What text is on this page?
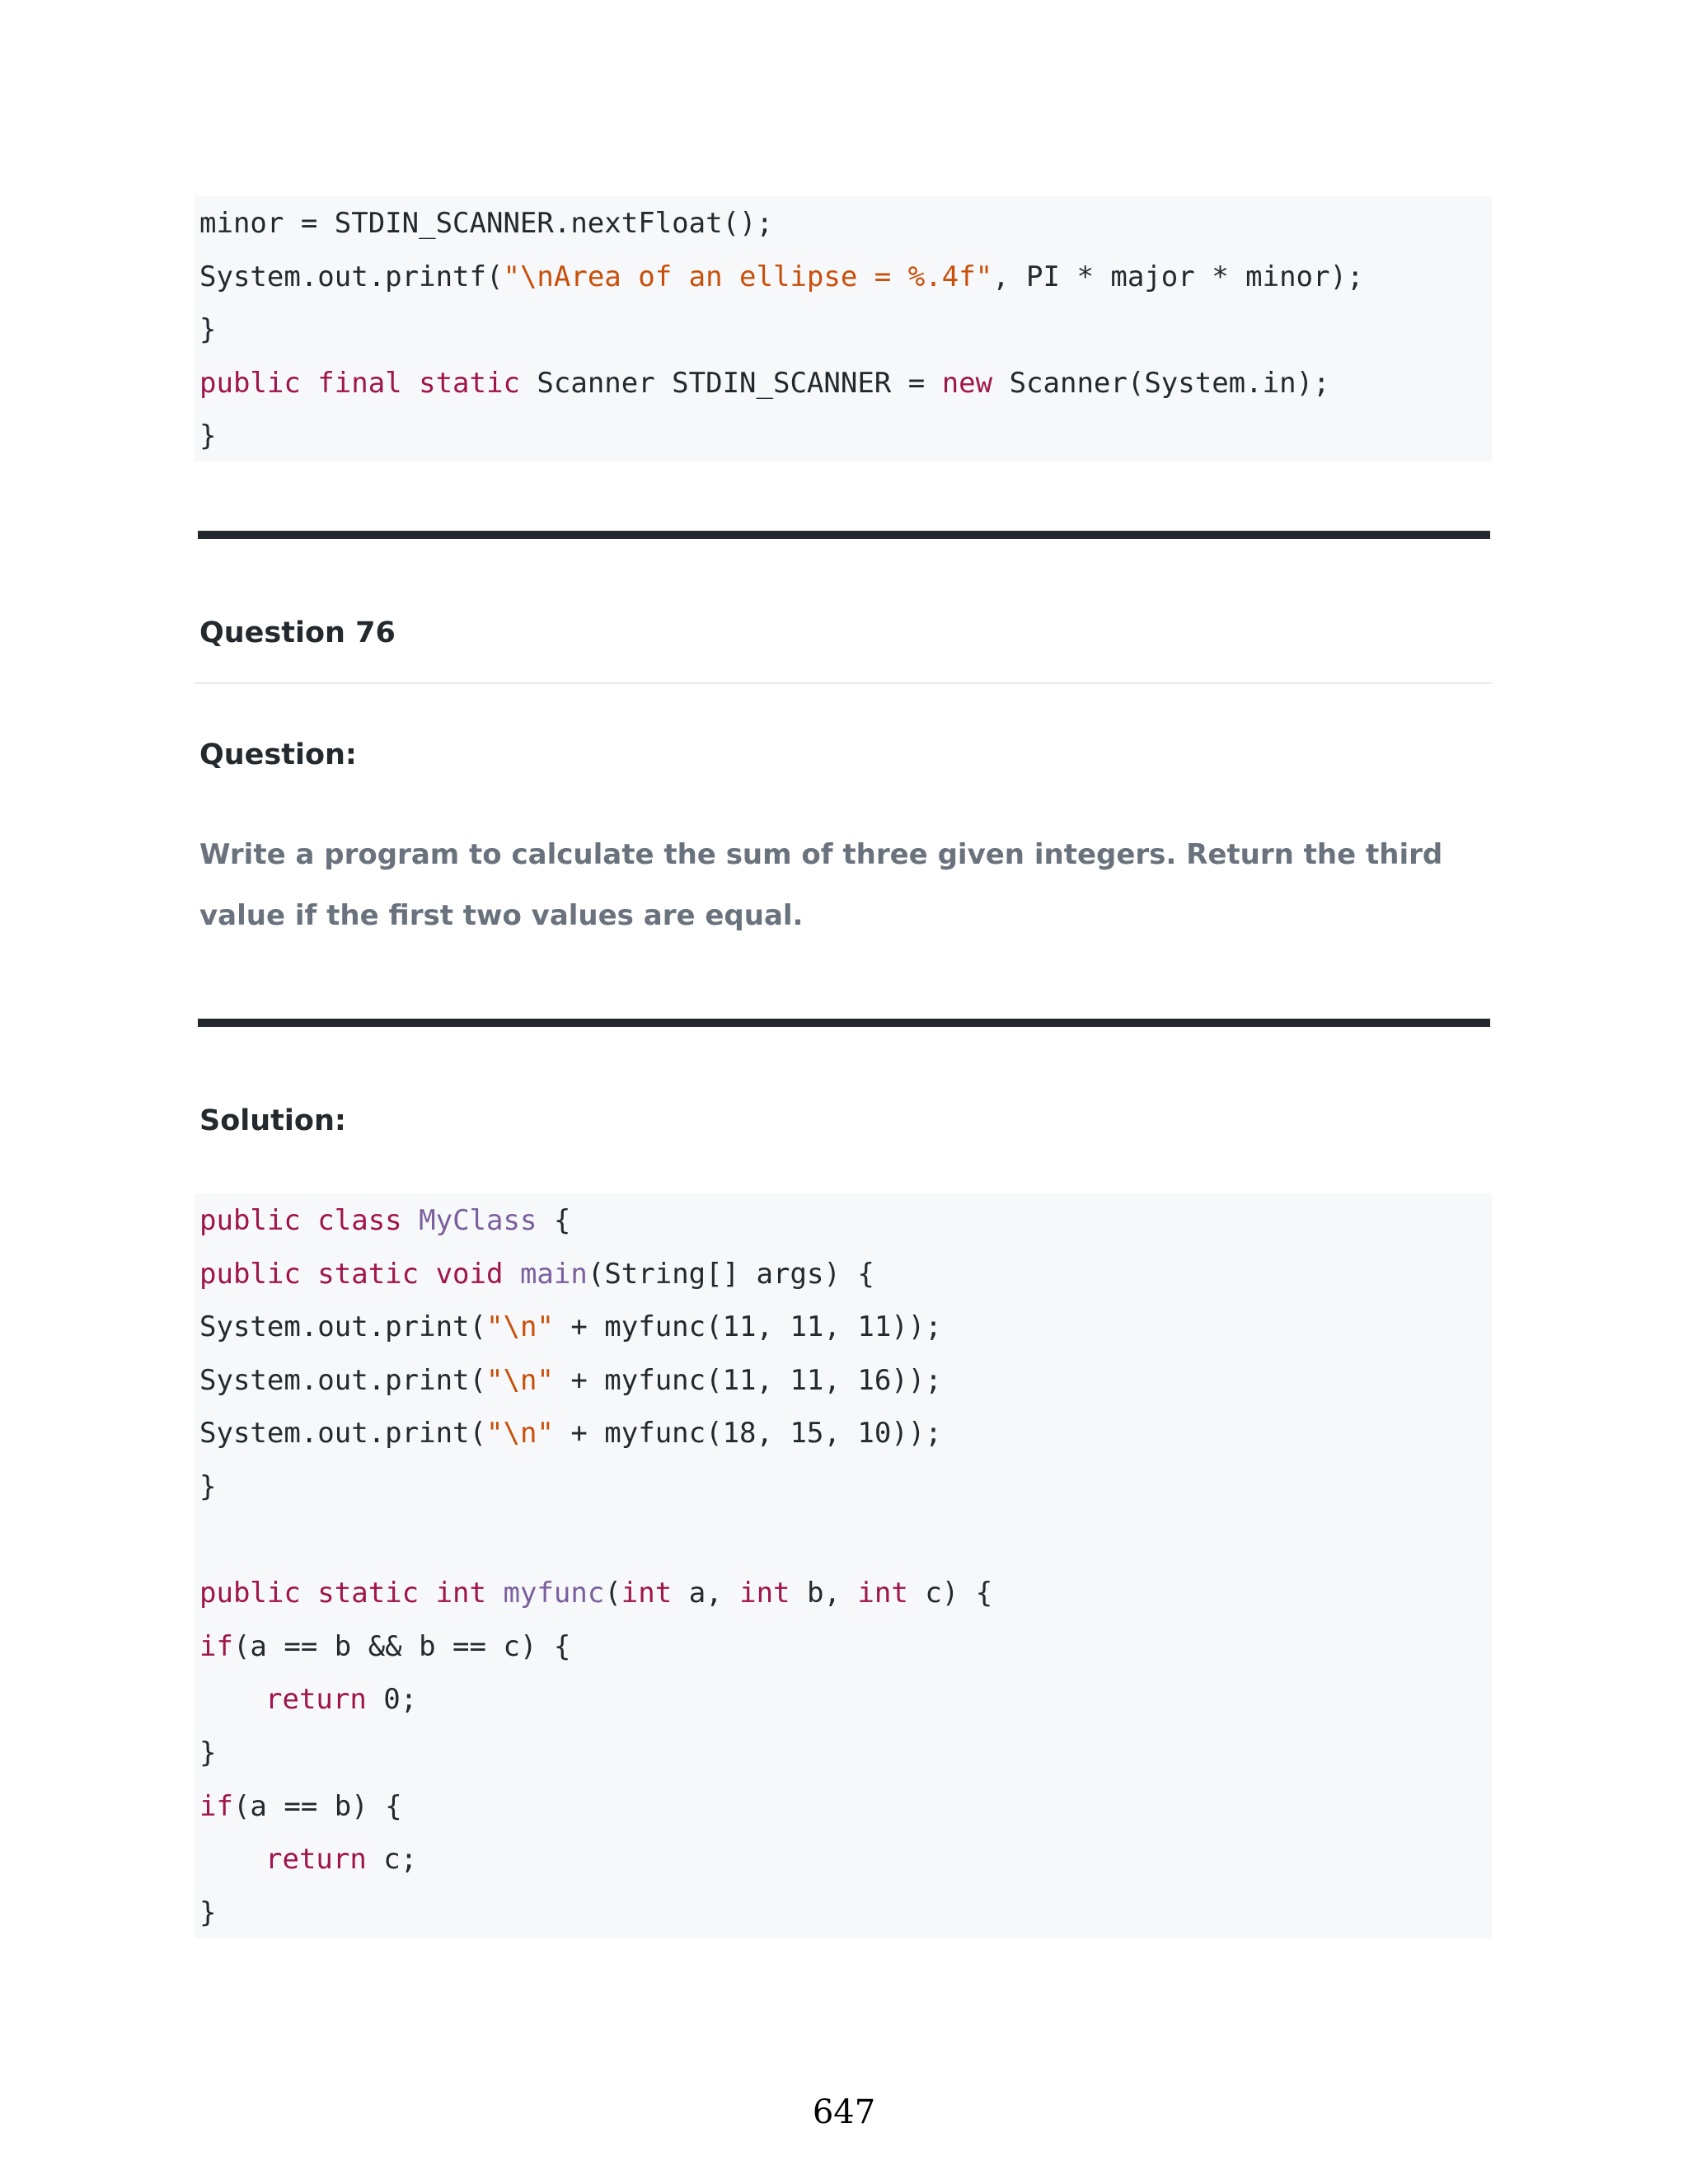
minor = STDIN_SCANNER.nextFloat();
System.out.printf("\nArea of an ellipse = %.4f", PI * major * minor);
}
public final static Scanner STDIN_SCANNER = new Scanner(System.in);
}
Question 76
Question:
Write a program to calculate the sum of three given integers. Return the third value if the first two values are equal.
Solution:
public class MyClass {
public static void main(String[] args) {
System.out.print("\n" + myfunc(11, 11, 11));
System.out.print("\n" + myfunc(11, 11, 16));
System.out.print("\n" + myfunc(18, 15, 10));
}
public static int myfunc(int a, int b, int c) {
if(a == b && b == c) {
return 0;
}
if(a == b) {
return c;
}
647
